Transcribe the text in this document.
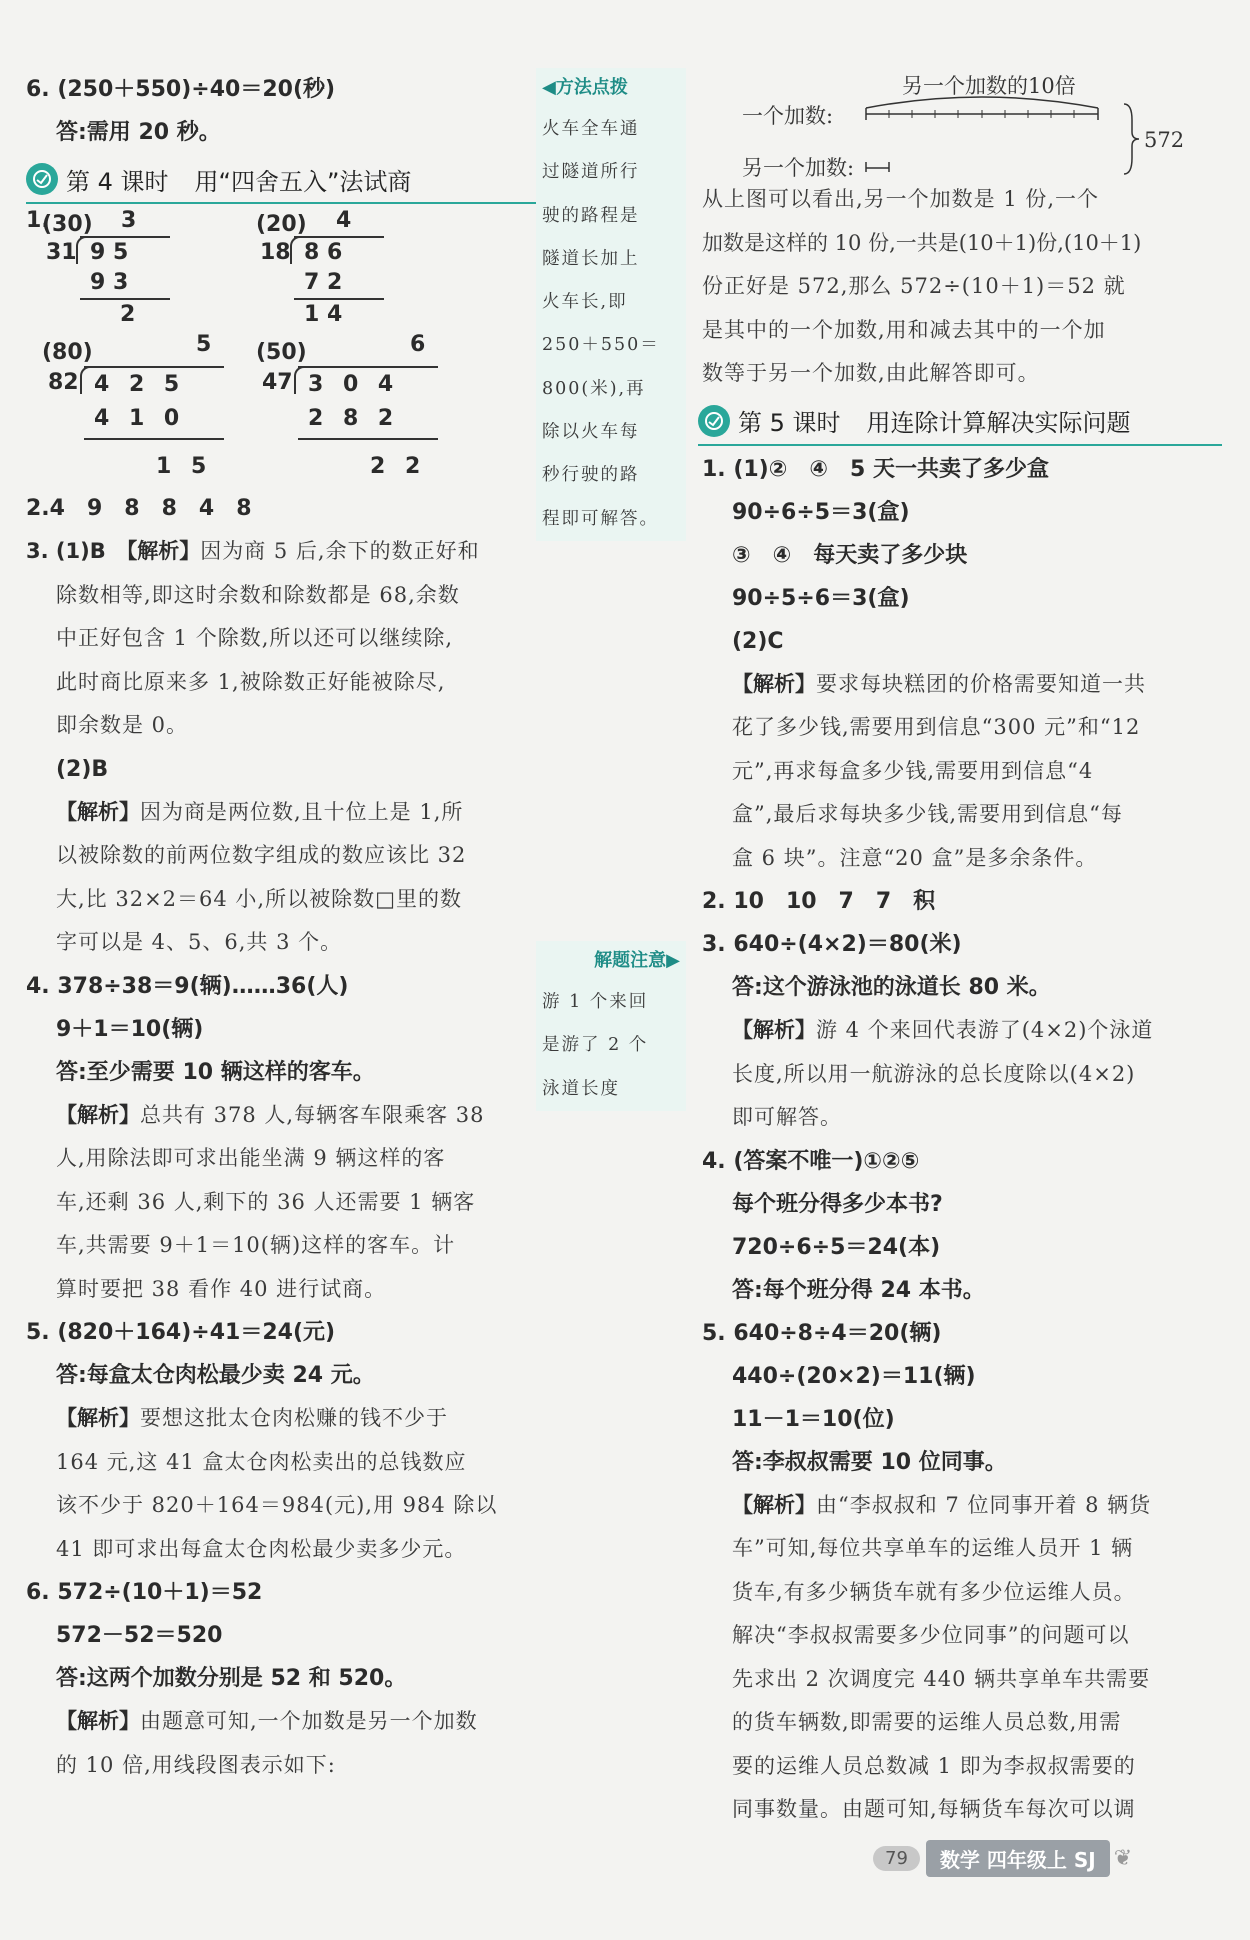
6. (250＋550)÷40＝20(秒)
答:需用 20 秒。
第 4 课时 用“四舍五入”法试商
1.
(30) 3
31 9 5
9 3
2
(20) 4
18 8 6
7 2
1 4
(80)	5
82 4 2 5
4 1 0
1 5
(50)	6
47 3 0 4
2 8 2
2 2
2.4　9　8　8　4　8
3. (1)B　【解析】因为商 5 后,余下的数正好和
除数相等,即这时余数和除数都是 68,余数
中正好包含 1 个除数,所以还可以继续除,
此时商比原来多 1,被除数正好能被除尽,
即余数是 0。
(2)B
【解析】因为商是两位数,且十位上是 1,所
以被除数的前两位数字组成的数应该比 32
大,比 32×2＝64 小,所以被除数□里的数
字可以是 4、5、6,共 3 个。
4. 378÷38＝9(辆)……36(人)
9＋1＝10(辆)
答:至少需要 10 辆这样的客车。
【解析】总共有 378 人,每辆客车限乘客 38
人,用除法即可求出能坐满 9 辆这样的客
车,还剩 36 人,剩下的 36 人还需要 1 辆客
车,共需要 9＋1＝10(辆)这样的客车。计
算时要把 38 看作 40 进行试商。
5. (820＋164)÷41＝24(元)
答:每盒太仓肉松最少卖 24 元。
【解析】要想这批太仓肉松赚的钱不少于
164 元,这 41 盒太仓肉松卖出的总钱数应
该不少于 820＋164＝984(元),用 984 除以
41 即可求出每盒太仓肉松最少卖多少元。
6. 572÷(10＋1)＝52
572－52＝520
答:这两个加数分别是 52 和 520。
【解析】由题意可知,一个加数是另一个加数
的 10 倍,用线段图表示如下:
◀方法点拨
火车全车通
过隧道所行
驶的路程是
隧道长加上
火车长,即
250＋550＝
800(米),再
除以火车每
秒行驶的路
程即可解答。
解题注意▶
游 1 个来回
是游了 2 个
泳道长度
另一个加数的10倍
一个加数:
572
另一个加数:
从上图可以看出,另一个加数是 1 份,一个
加数是这样的 10 份,一共是(10＋1)份,(10＋1)
份正好是 572,那么 572÷(10＋1)＝52 就
是其中的一个加数,用和减去其中的一个加
数等于另一个加数,由此解答即可。
第 5 课时 用连除计算解决实际问题
1. (1)②　④　5 天一共卖了多少盒
90÷6÷5＝3(盒)
③　④　每天卖了多少块
90÷5÷6＝3(盒)
(2)C
【解析】要求每块糕团的价格需要知道一共
花了多少钱,需要用到信息“300 元”和“12
元”,再求每盒多少钱,需要用到信息“4
盒”,最后求每块多少钱,需要用到信息“每
盒 6 块”。注意“20 盒”是多余条件。
2. 10　10　7　7　积
3. 640÷(4×2)＝80(米)
答:这个游泳池的泳道长 80 米。
【解析】游 4 个来回代表游了(4×2)个泳道
长度,所以用一航游泳的总长度除以(4×2)
即可解答。
4. (答案不唯一)①②⑤
每个班分得多少本书?
720÷6÷5＝24(本)
答:每个班分得 24 本书。
5. 640÷8÷4＝20(辆)
440÷(20×2)＝11(辆)
11－1＝10(位)
答:李叔叔需要 10 位同事。
【解析】由“李叔叔和 7 位同事开着 8 辆货
车”可知,每位共享单车的运维人员开 1 辆
货车,有多少辆货车就有多少位运维人员。
解决“李叔叔需要多少位同事”的问题可以
先求出 2 次调度完 440 辆共享单车共需要
的货车辆数,即需要的运维人员总数,用需
要的运维人员总数减 1 即为李叔叔需要的
同事数量。由题可知,每辆货车每次可以调
79	数学 四年级上 SJ ❦
